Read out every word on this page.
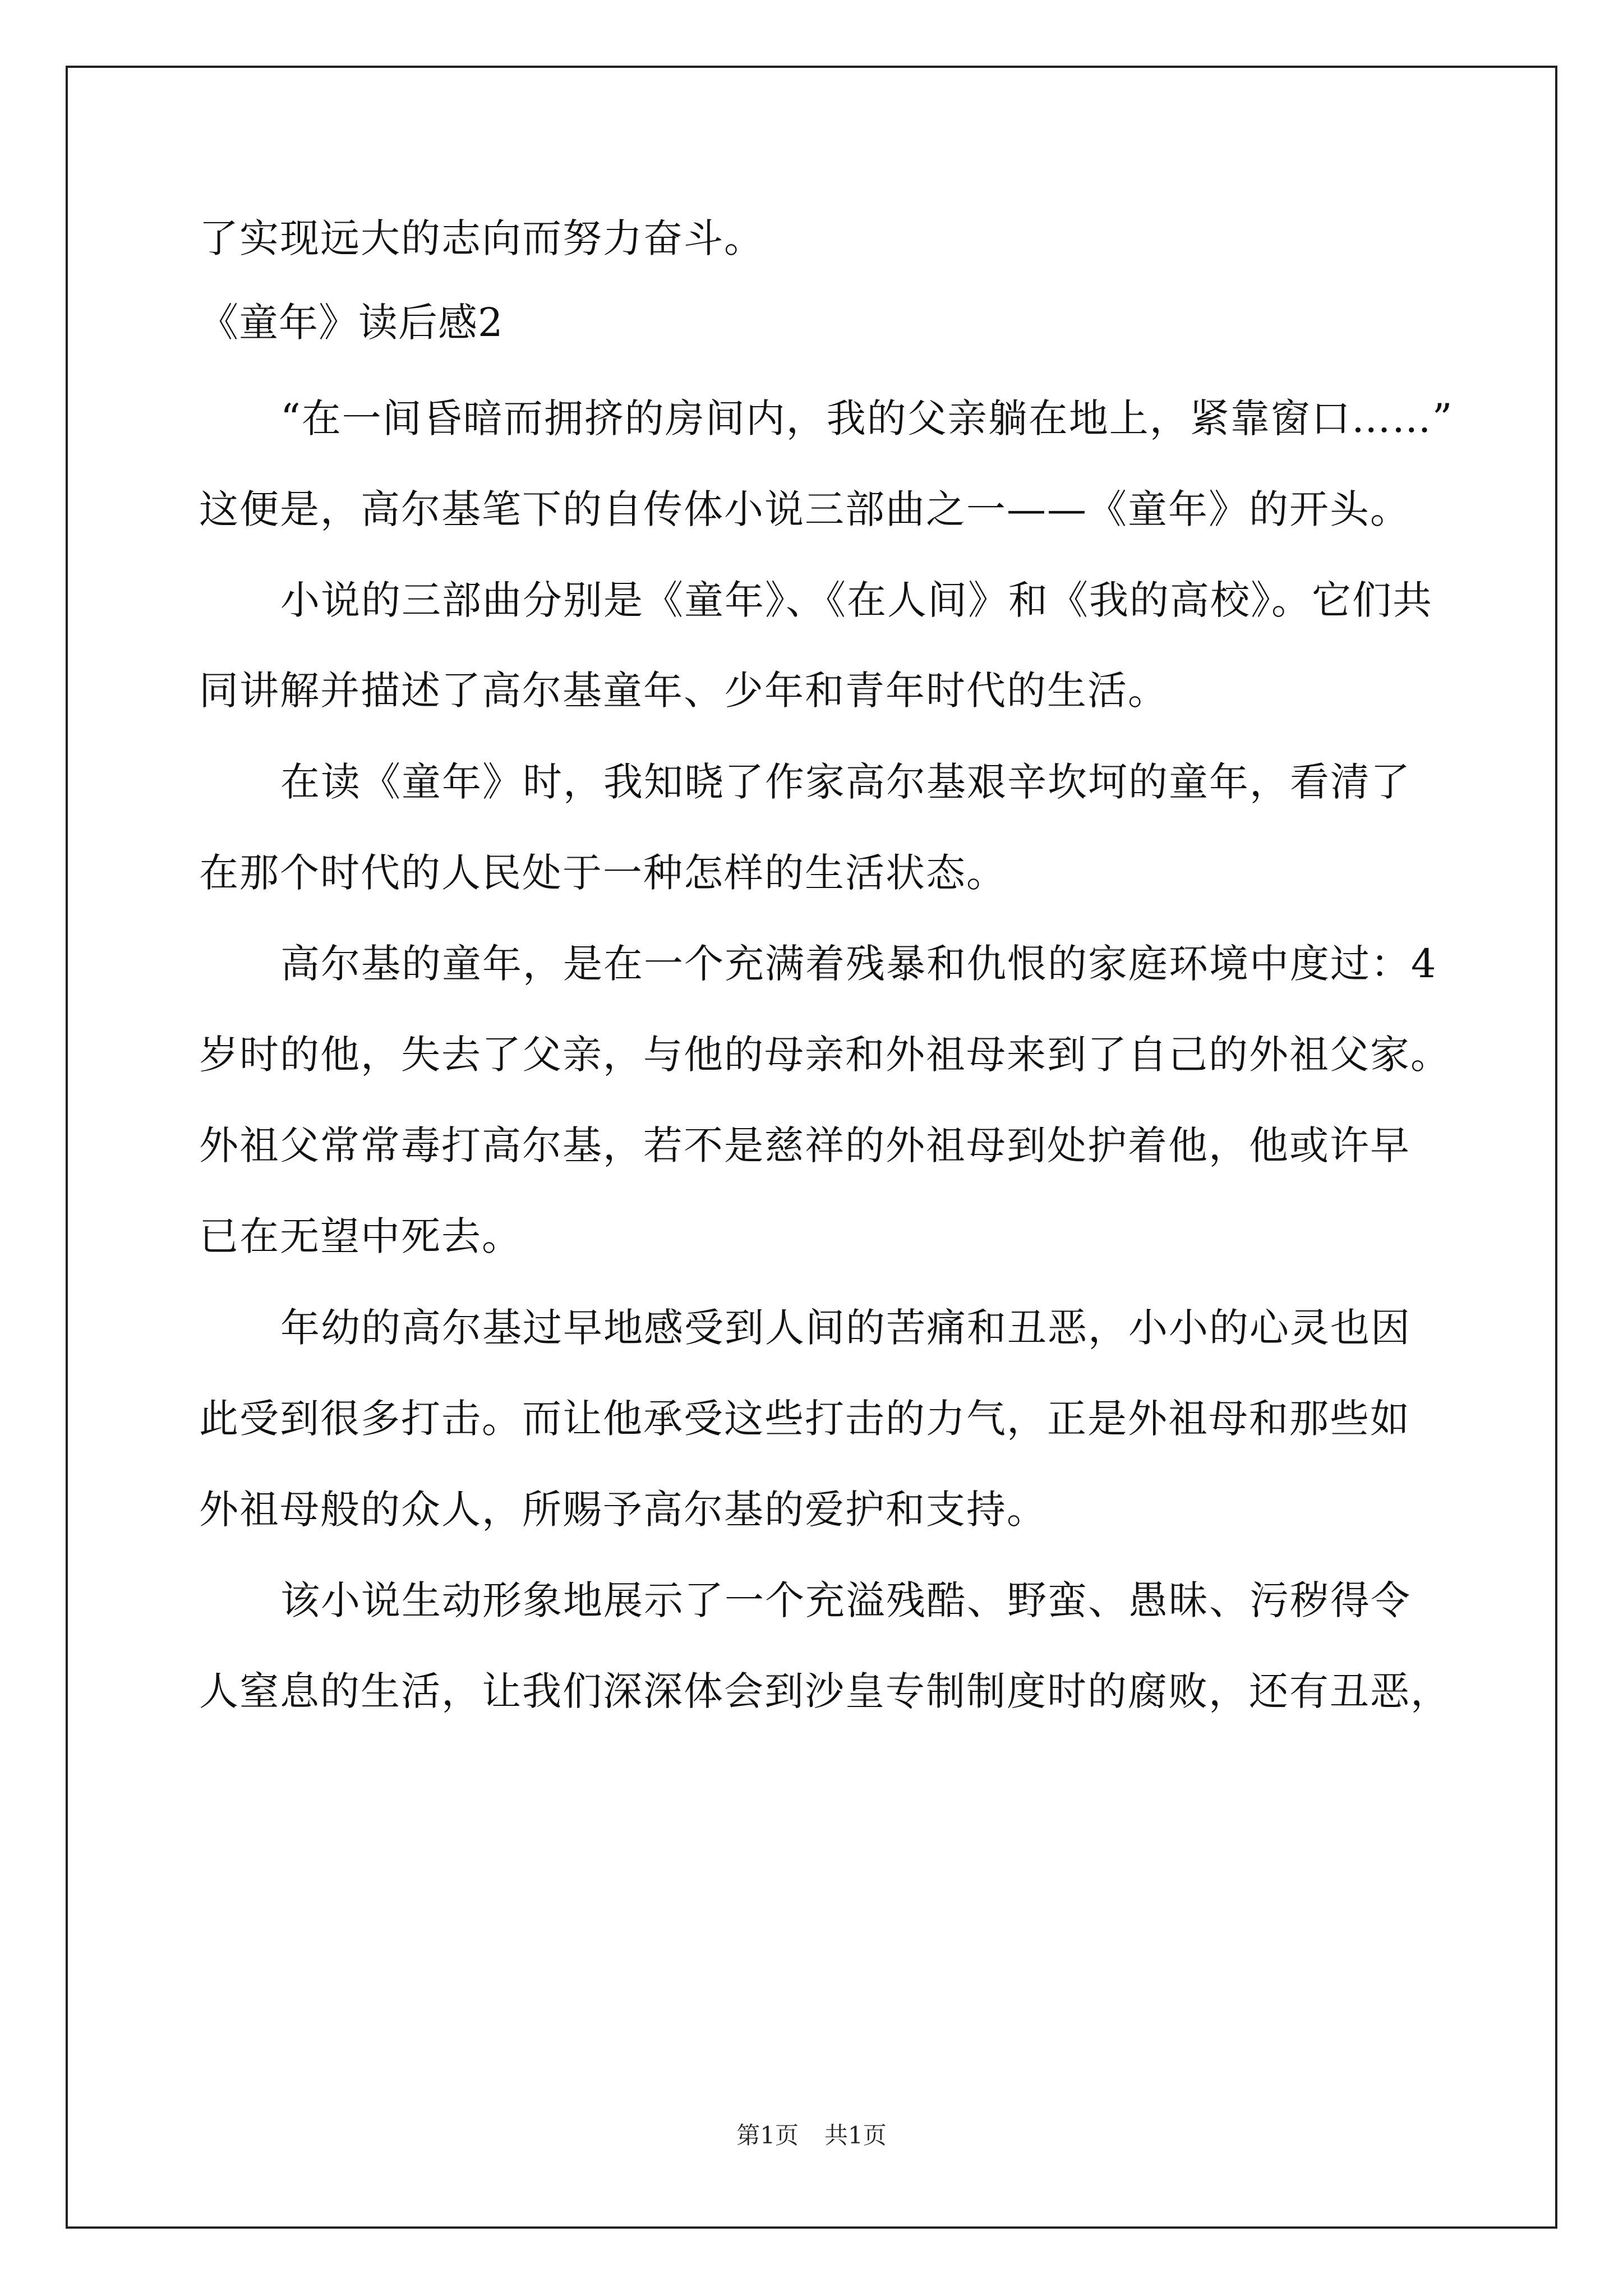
了实现远大的志向而努力奋斗。
《童年》读后感2
“在一间昏暗而拥挤的房间内，我的父亲躺在地上，紧靠窗口……”
这便是，高尔基笔下的自传体小说三部曲之一——《童年》的开头。
小说的三部曲分别是《童年》、《在人间》和《我的高校》。它们共
同讲解并描述了高尔基童年、少年和青年时代的生活。
在读《童年》时，我知晓了作家高尔基艰辛坎坷的童年，看清了
在那个时代的人民处于一种怎样的生活状态。
高尔基的童年，是在一个充满着残暴和仇恨的家庭环境中度过：4
岁时的他，失去了父亲，与他的母亲和外祖母来到了自己的外祖父家。
外祖父常常毒打高尔基，若不是慈祥的外祖母到处护着他，他或许早
已在无望中死去。
年幼的高尔基过早地感受到人间的苦痛和丑恶，小小的心灵也因
此受到很多打击。而让他承受这些打击的力气，正是外祖母和那些如
外祖母般的众人，所赐予高尔基的爱护和支持。
该小说生动形象地展示了一个充溢残酷、野蛮、愚昧、污秽得令
人窒息的生活，让我们深深体会到沙皇专制制度时的腐败，还有丑恶，
第1页 共1页
